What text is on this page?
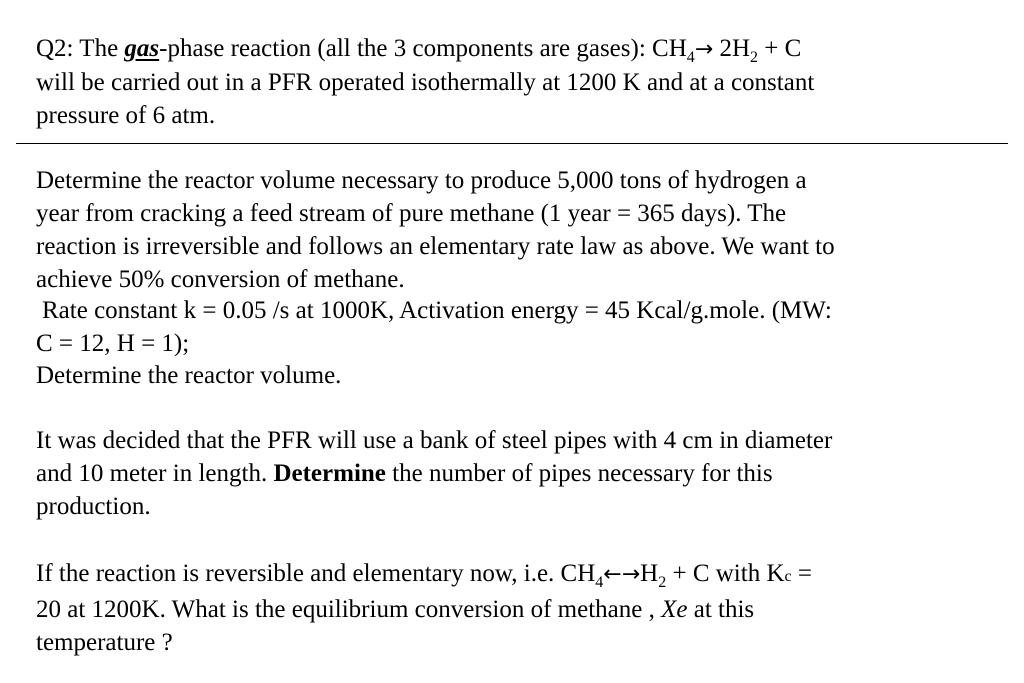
Q2: The gas-phase reaction (all the 3 components are gases): $CH_4\to 2H_2 + C$
will be carried out in a PFR operated isothermally at 1200 K and at a constant
pressure of 6 atm.
Determine the reactor volume necessary to produce 5,000 tons of hydrogen a
year from cracking a feed stream of pure methane (1 year = 365 days). The
reaction is irreversible and follows an elementary rate law as above. We want to
achieve 50% conversion of methane.
Rate constant k = 0.05 /s at 1000K, Activation energy = 45 Kcal/g.mole. (MW:
C = 12, H = 1);
Determine the reactor volume.
It was decided that the PFR will use a bank of steel pipes with 4 cm in diameter
and 10 meter in length. Determine the number of pipes necessary for this
production.
If the reaction is reversible and elementary now, i.e. $CH_4\leftarrow\to H_2 + C$ with Kc =
20 at 1200K. What is the equilibrium conversion of methane , Xe at this
temperature ?
